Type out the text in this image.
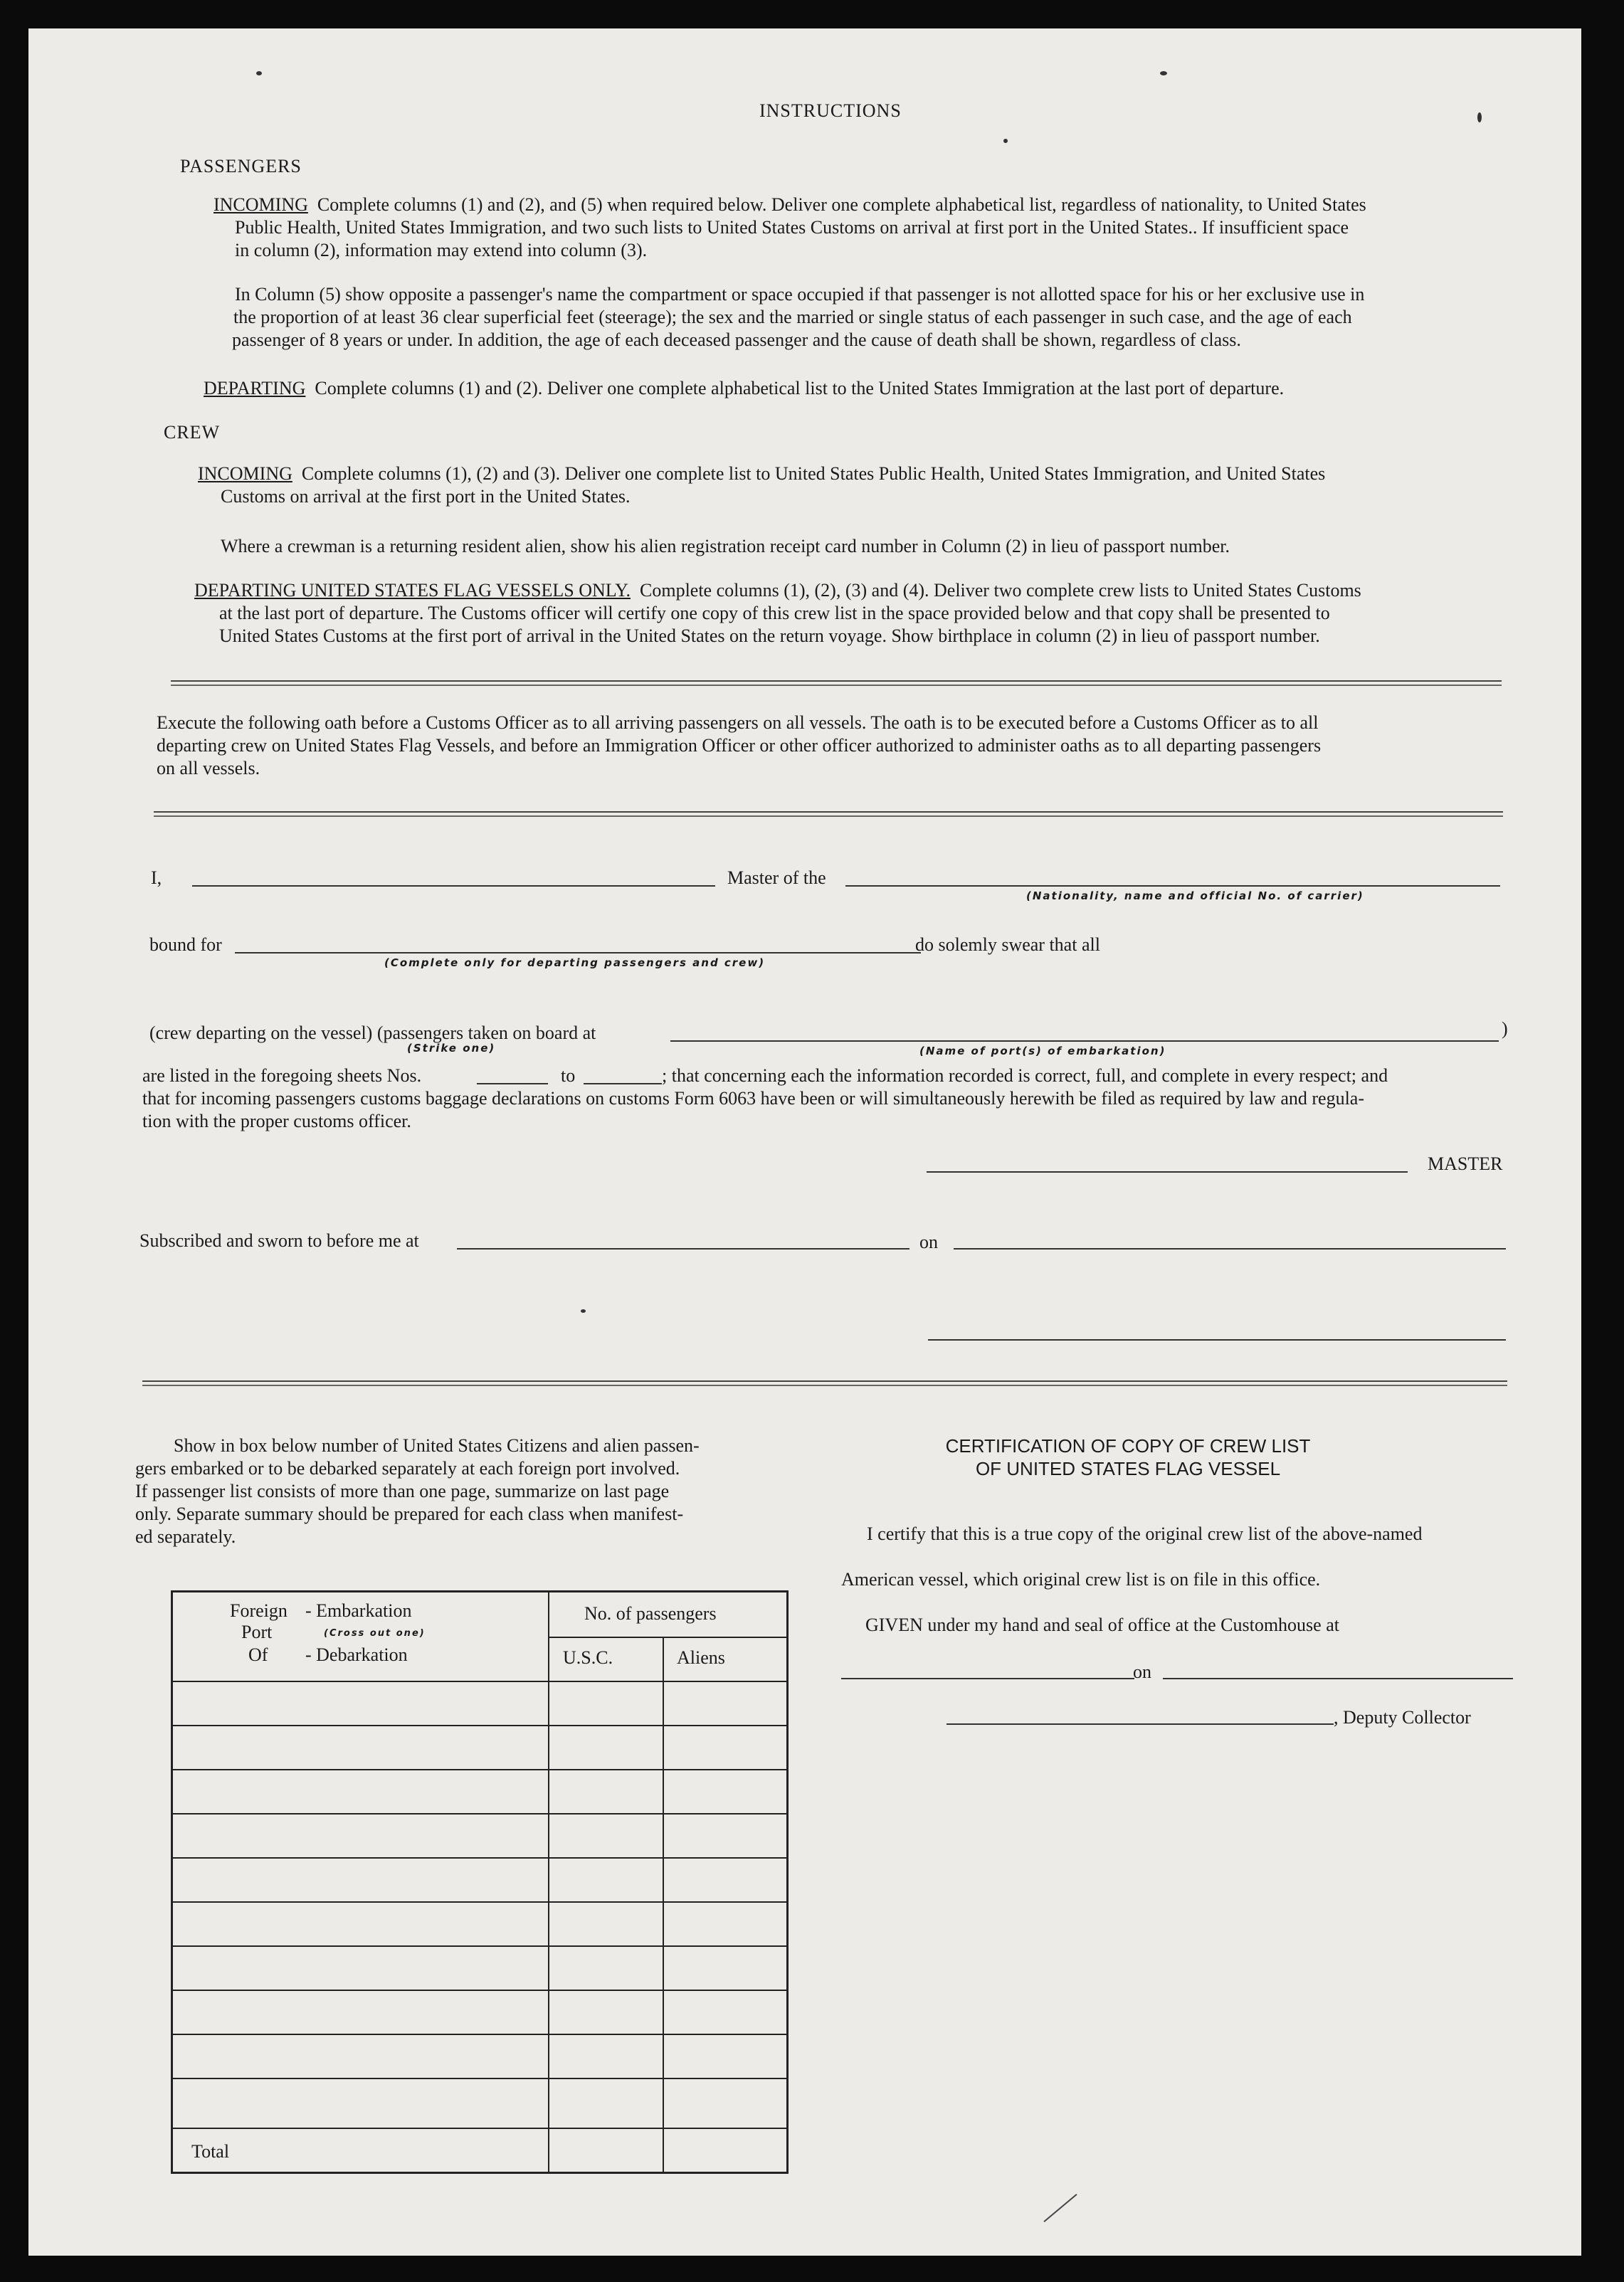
INSTRUCTIONS
PASSENGERS
INCOMING Complete columns (1) and (2), and (5) when required below. Deliver one complete alphabetical list, regardless of nationality, to United States
Public Health, United States Immigration, and two such lists to United States Customs on arrival at first port in the United States.. If insufficient space
in column (2), information may extend into column (3).
In Column (5) show opposite a passenger's name the compartment or space occupied if that passenger is not allotted space for his or her exclusive use in
the proportion of at least 36 clear superficial feet (steerage); the sex and the married or single status of each passenger in such case, and the age of each
passenger of 8 years or under. In addition, the age of each deceased passenger and the cause of death shall be shown, regardless of class.
DEPARTING Complete columns (1) and (2). Deliver one complete alphabetical list to the United States Immigration at the last port of departure.
CREW
INCOMING Complete columns (1), (2) and (3). Deliver one complete list to United States Public Health, United States Immigration, and United States
Customs on arrival at the first port in the United States.
Where a crewman is a returning resident alien, show his alien registration receipt card number in Column (2) in lieu of passport number.
DEPARTING UNITED STATES FLAG VESSELS ONLY. Complete columns (1), (2), (3) and (4). Deliver two complete crew lists to United States Customs
at the last port of departure. The Customs officer will certify one copy of this crew list in the space provided below and that copy shall be presented to
United States Customs at the first port of arrival in the United States on the return voyage. Show birthplace in column (2) in lieu of passport number.
Execute the following oath before a Customs Officer as to all arriving passengers on all vessels. The oath is to be executed before a Customs Officer as to all
departing crew on United States Flag Vessels, and before an Immigration Officer or other officer authorized to administer oaths as to all departing passengers
on all vessels.
I,	Master of the
(Nationality, name and official No. of carrier)
bound for	do solemly swear that all
(Complete only for departing passengers and crew)
(crew departing on the vessel) (passengers taken on board at
(Strike one)
)
(Name of port(s) of embarkation)
are listed in the foregoing sheets Nos.	to	; that concerning each the information recorded is correct, full, and complete in every respect; and
that for incoming passengers customs baggage declarations on customs Form 6063 have been or will simultaneously herewith be filed as required by law and regula-
tion with the proper customs officer.
MASTER
Subscribed and sworn to before me at	on
Show in box below number of United States Citizens and alien passen-
gers embarked or to be debarked separately at each foreign port involved.
If passenger list consists of more than one page, summarize on last page
only. Separate summary should be prepared for each class when manifest-
ed separately.
Foreign
Port
Of
- Embarkation
(Cross out one)
- Debarkation
No. of passengers
U.S.C.	Aliens
Total
CERTIFICATION OF COPY OF CREW LIST
OF UNITED STATES FLAG VESSEL
I certify that this is a true copy of the original crew list of the above-named
American vessel, which original crew list is on file in this office.
GIVEN under my hand and seal of office at the Customhouse at
on
, Deputy Collector
